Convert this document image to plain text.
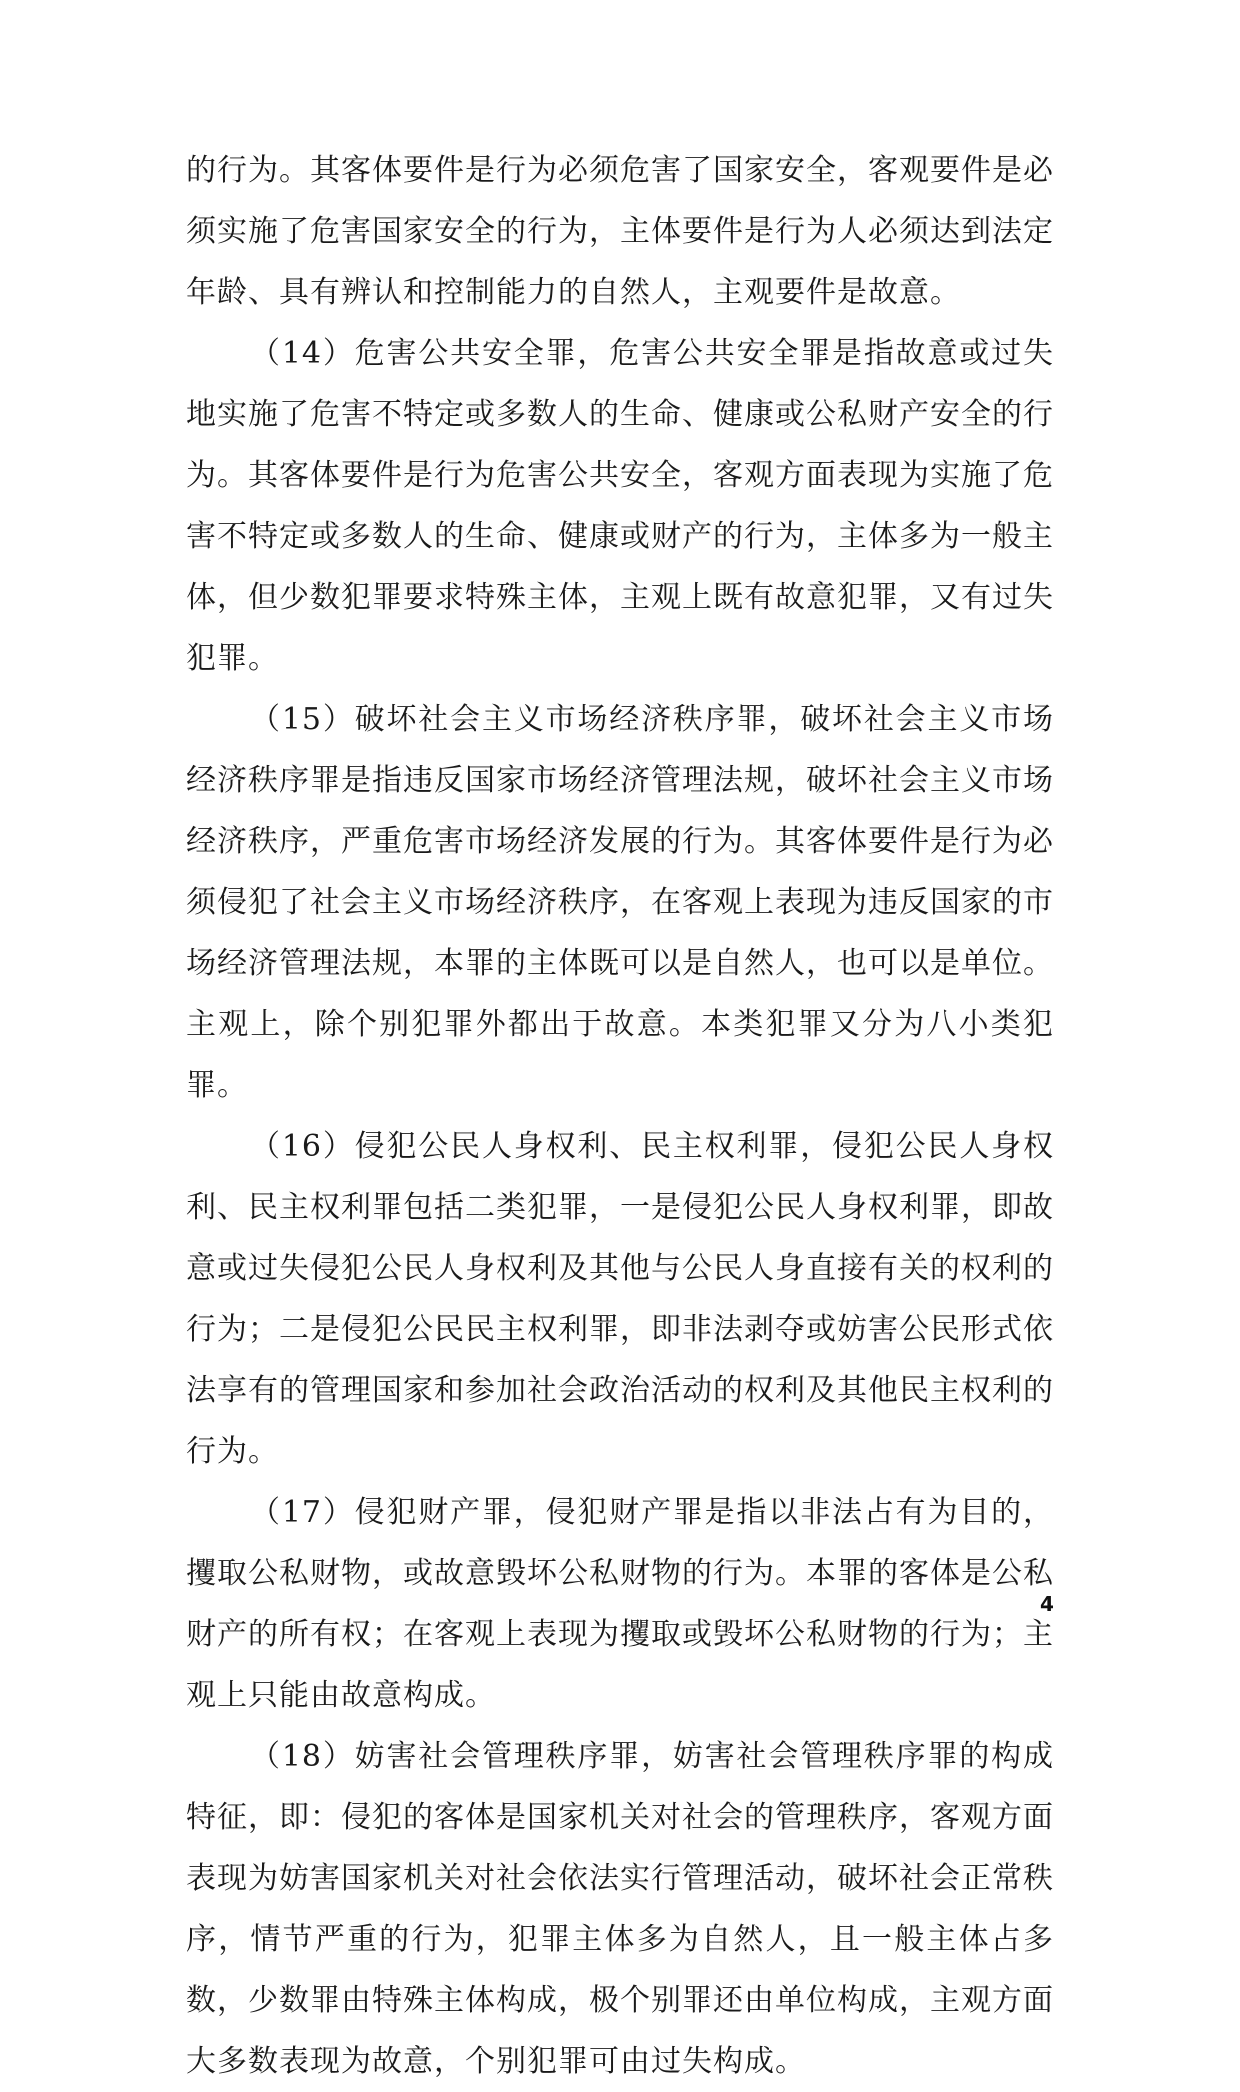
的行为。其客体要件是行为必须危害了国家安全，客观要件是必须实施了危害国家安全的行为，主体要件是行为人必须达到法定年龄、具有辨认和控制能力的自然人，主观要件是故意。

（14）危害公共安全罪，危害公共安全罪是指故意或过失地实施了危害不特定或多数人的生命、健康或公私财产安全的行为。其客体要件是行为危害公共安全，客观方面表现为实施了危害不特定或多数人的生命、健康或财产的行为，主体多为一般主体，但少数犯罪要求特殊主体，主观上既有故意犯罪，又有过失犯罪。

（15）破坏社会主义市场经济秩序罪，破坏社会主义市场经济秩序罪是指违反国家市场经济管理法规，破坏社会主义市场经济秩序，严重危害市场经济发展的行为。其客体要件是行为必须侵犯了社会主义市场经济秩序，在客观上表现为违反国家的市场经济管理法规，本罪的主体既可以是自然人，也可以是单位。主观上，除个别犯罪外都出于故意。本类犯罪又分为八小类犯罪。

（16）侵犯公民人身权利、民主权利罪，侵犯公民人身权利、民主权利罪包括二类犯罪，一是侵犯公民人身权利罪，即故意或过失侵犯公民人身权利及其他与公民人身直接有关的权利的行为；二是侵犯公民民主权利罪，即非法剥夺或妨害公民形式依法享有的管理国家和参加社会政治活动的权利及其他民主权利的行为。

（17）侵犯财产罪，侵犯财产罪是指以非法占有为目的，攫取公私财物，或故意毁坏公私财物的行为。本罪的客体是公私财产的所有权；在客观上表现为攫取或毁坏公私财物的行为；主观上只能由故意构成。

（18）妨害社会管理秩序罪，妨害社会管理秩序罪的构成特征，即：侵犯的客体是国家机关对社会的管理秩序，客观方面表现为妨害国家机关对社会依法实行管理活动，破坏社会正常秩序，情节严重的行为，犯罪主体多为自然人，且一般主体占多数，少数罪由特殊主体构成，极个别罪还由单位构成，主观方面大多数表现为故意，个别犯罪可由过失构成。

4
